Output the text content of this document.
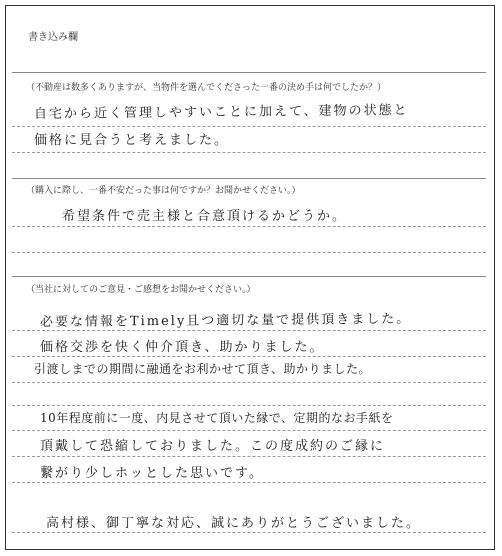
書き込み欄
（不動産は数多くありますが、当物件を選んでくださった一番の決め手は何でしたか？）
自宅から近く管理しやすいことに加えて、建物の状態と
価格に見合うと考えました。
（購入に際し、一番不安だった事は何ですか？お聞かせください。）
希望条件で売主様と合意頂けるかどうか。
（当社に対してのご意見・ご感想をお聞かせください。）
必要な情報をTimely且つ適切な量で提供頂きました。
価格交渉を快く仲介頂き、助かりました。
引渡しまでの期間に融通をお利かせて頂き、助かりました。
10年程度前に一度、内見させて頂いた縁で、定期的なお手紙を
頂戴して恐縮しておりました。この度成約のご縁に
繋がり少しホッとした思いです。
高村様、御丁寧な対応、誠にありがとうございました。
